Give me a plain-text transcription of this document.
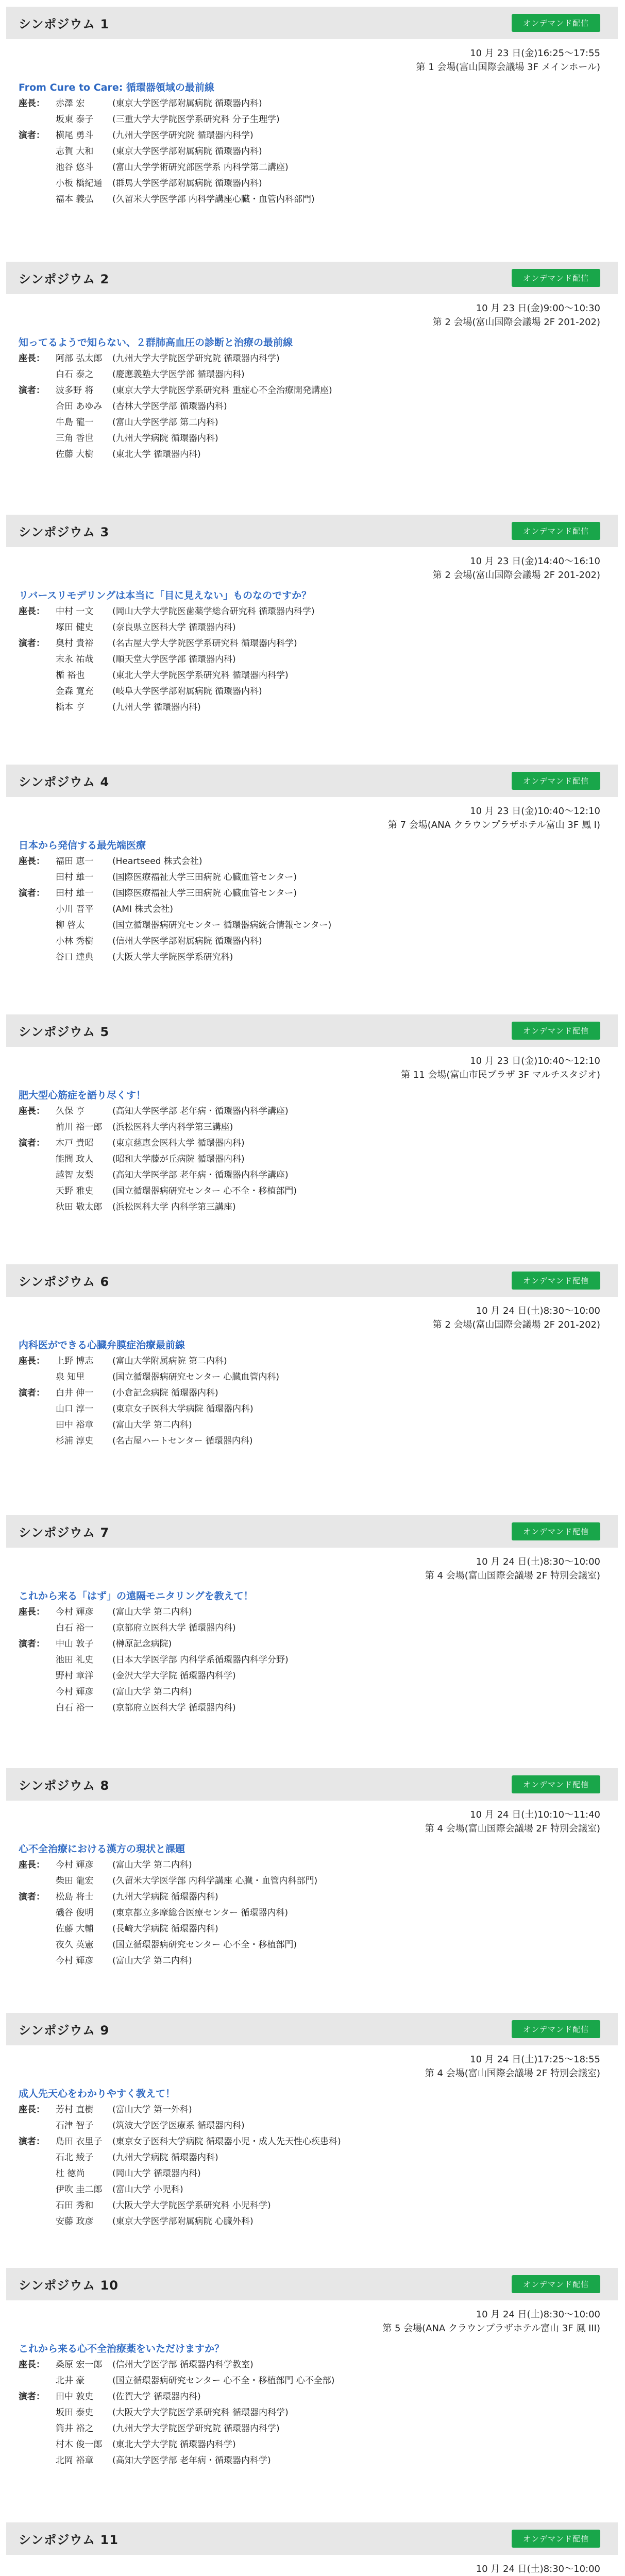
シンポジウム 1	オンデマンド配信
10 月 23 日(金)16:25～17:55
第 1 会場(富山国際会議場 3F メインホール)
From Cure to Care: 循環器領域の最前線
座長：	赤澤 宏	(東京大学医学部附属病院 循環器内科)
坂東 泰子	(三重大学大学院医学系研究科 分子生理学)
演者：	横尾 勇斗	(九州大学医学研究院 循環器内科学)
志賀 大和	(東京大学医学部附属病院 循環器内科)
池谷 悠斗	(富山大学学術研究部医学系 内科学第二講座)
小板 橋紀通	(群馬大学医学部附属病院 循環器内科)
福本 義弘	(久留米大学医学部 内科学講座心臓・血管内科部門)
シンポジウム 2	オンデマンド配信
10 月 23 日(金)9:00～10:30
第 2 会場(富山国際会議場 2F 201-202)
知ってるようで知らない、２群肺高血圧の診断と治療の最前線
座長：	阿部 弘太郎	(九州大学大学院医学研究院 循環器内科学)
白石 泰之	(慶應義塾大学医学部 循環器内科)
演者：	波多野 将	(東京大学大学院医学系研究科 重症心不全治療開発講座)
合田 あゆみ	(杏林大学医学部 循環器内科)
牛島 龍一	(富山大学医学部 第二内科)
三角 香世	(九州大学病院 循環器内科)
佐藤 大樹	(東北大学 循環器内科)
シンポジウム 3	オンデマンド配信
10 月 23 日(金)14:40～16:10
第 2 会場(富山国際会議場 2F 201-202)
リバースリモデリングは本当に「目に見えない」ものなのですか？
座長：	中村 一文	(岡山大学大学院医歯薬学総合研究科 循環器内科学)
塚田 健史	(奈良県立医科大学 循環器内科)
演者：	奥村 貴裕	(名古屋大学大学院医学系研究科 循環器内科学)
末永 祐哉	(順天堂大学医学部 循環器内科)
楯 裕也	(東北大学大学院医学系研究科 循環器内科学)
金森 寛充	(岐阜大学医学部附属病院 循環器内科)
橋本 亨	(九州大学 循環器内科)
シンポジウム 4	オンデマンド配信
10 月 23 日(金)10:40～12:10
第 7 会場(ANA クラウンプラザホテル富山 3F 鳳 I)
日本から発信する最先端医療
座長：	福田 恵一	(Heartseed 株式会社)
田村 雄一	(国際医療福祉大学三田病院 心臓血管センター)
演者：	田村 雄一	(国際医療福祉大学三田病院 心臓血管センター)
小川 晋平	(AMI 株式会社)
柳 啓太	(国立循環器病研究センター 循環器病統合情報センター)
小林 秀樹	(信州大学医学部附属病院 循環器内科)
谷口 達典	(大阪大学大学院医学系研究科)
シンポジウム 5	オンデマンド配信
10 月 23 日(金)10:40～12:10
第 11 会場(富山市民プラザ 3F マルチスタジオ)
肥大型心筋症を語り尽くす！
座長：	久保 亨	(高知大学医学部 老年病・循環器内科学講座)
前川 裕一郎	(浜松医科大学内科学第三講座)
演者：	木戸 貴昭	(東京慈恵会医科大学 循環器内科)
能間 政人	(昭和大学藤が丘病院 循環器内科)
越智 友梨	(高知大学医学部 老年病・循環器内科学講座)
天野 雅史	(国立循環器病研究センター 心不全・移植部門)
秋田 敬太郎	(浜松医科大学 内科学第三講座)
シンポジウム 6	オンデマンド配信
10 月 24 日(土)8:30～10:00
第 2 会場(富山国際会議場 2F 201-202)
内科医ができる心臓弁膜症治療最前線
座長：	上野 博志	(富山大学附属病院 第二内科)
泉 知里	(国立循環器病研究センター 心臓血管内科)
演者：	白井 伸一	(小倉記念病院 循環器内科)
山口 淳一	(東京女子医科大学病院 循環器内科)
田中 裕章	(富山大学 第二内科)
杉浦 淳史	(名古屋ハートセンター 循環器内科)
シンポジウム 7	オンデマンド配信
10 月 24 日(土)8:30～10:00
第 4 会場(富山国際会議場 2F 特別会議室)
これから来る「はず」の遠隔モニタリングを教えて！
座長：	今村 輝彦	(富山大学 第二内科)
白石 裕一	(京都府立医科大学 循環器内科)
演者：	中山 敦子	(榊原記念病院)
池田 礼史	(日本大学医学部 内科学系循環器内科学分野)
野村 章洋	(金沢大学大学院 循環器内科学)
今村 輝彦	(富山大学 第二内科)
白石 裕一	(京都府立医科大学 循環器内科)
シンポジウム 8	オンデマンド配信
10 月 24 日(土)10:10～11:40
第 4 会場(富山国際会議場 2F 特別会議室)
心不全治療における漢方の現状と課題
座長：	今村 輝彦	(富山大学 第二内科)
柴田 龍宏	(久留米大学医学部 内科学講座 心臓・血管内科部門)
演者：	松島 将士	(九州大学病院 循環器内科)
磯谷 俊明	(東京都立多摩総合医療センター 循環器内科)
佐藤 大輔	(長崎大学病院 循環器内科)
夜久 英憲	(国立循環器病研究センター 心不全・移植部門)
今村 輝彦	(富山大学 第二内科)
シンポジウム 9	オンデマンド配信
10 月 24 日(土)17:25～18:55
第 4 会場(富山国際会議場 2F 特別会議室)
成人先天心をわかりやすく教えて！
座長：	芳村 直樹	(富山大学 第一外科)
石津 智子	(筑波大学医学医療系 循環器内科)
演者：	島田 衣里子	(東京女子医科大学病院 循環器小児・成人先天性心疾患科)
石北 綾子	(九州大学病院 循環器内科)
杜 徳尚	(岡山大学 循環器内科)
伊吹 圭二郎	(富山大学 小児科)
石田 秀和	(大阪大学大学院医学系研究科 小児科学)
安藤 政彦	(東京大学医学部附属病院 心臓外科)
シンポジウム 10	オンデマンド配信
10 月 24 日(土)8:30～10:00
第 5 会場(ANA クラウンプラザホテル富山 3F 鳳 III)
これから来る心不全治療薬をいただけますか？
座長：	桑原 宏一郎	(信州大学医学部 循環器内科学教室)
北井 豪	(国立循環器病研究センター 心不全・移植部門 心不全部)
演者：	田中 敦史	(佐賀大学 循環器内科)
坂田 泰史	(大阪大学大学院医学系研究科 循環器内科学)
筒井 裕之	(九州大学大学院医学研究院 循環器内科学)
村木 俊一郎	(東北大学大学院 循環器内科学)
北岡 裕章	(高知大学医学部 老年病・循環器内科学)
シンポジウム 11	オンデマンド配信
10 月 24 日(土)8:30～10:00
